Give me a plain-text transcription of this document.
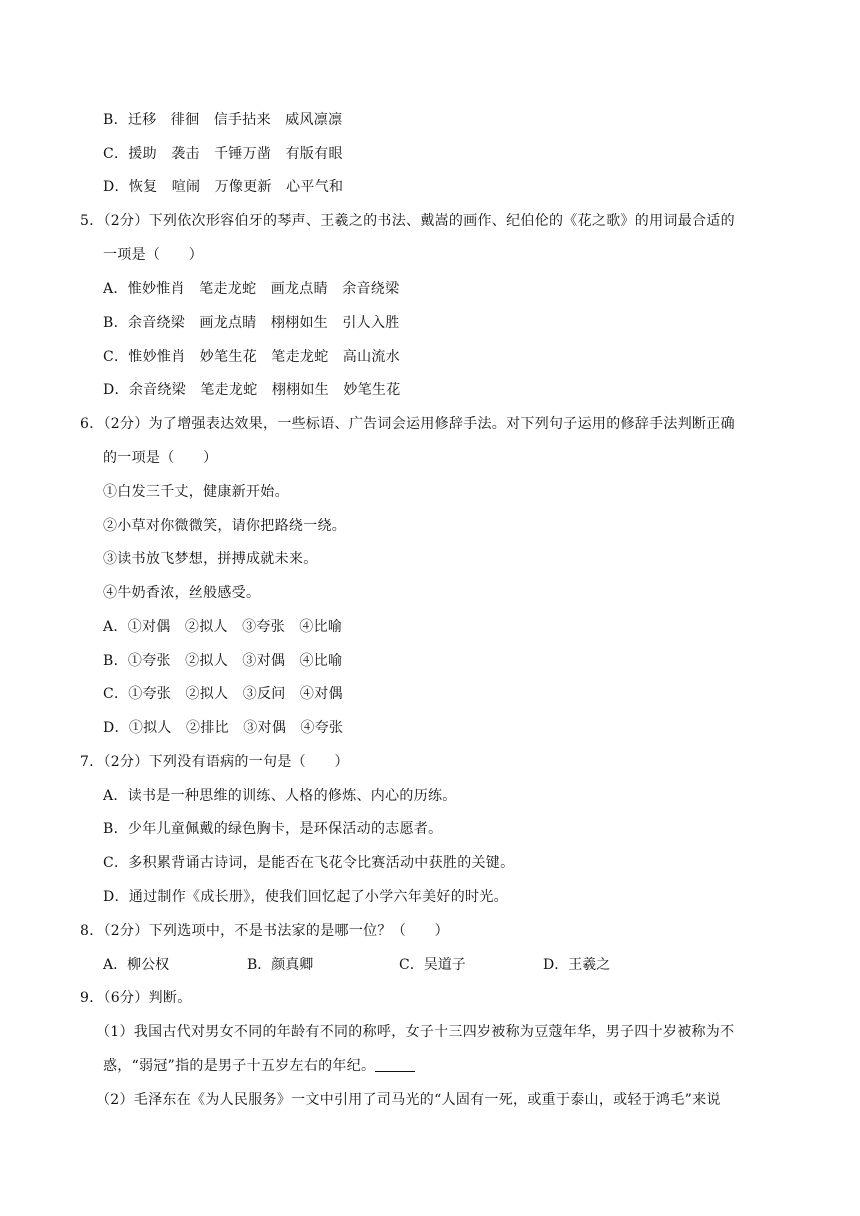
B．迁移　徘徊　信手拈来　威风凛凛
C．援助　袭击　千锤万凿　有版有眼
D．恢复　喧闹　万像更新　心平气和
5．（2分）下列依次形容伯牙的琴声、王羲之的书法、戴嵩的画作、纪伯伦的《花之歌》的用词最合适的
一项是（　　）
A．惟妙惟肖　笔走龙蛇　画龙点睛　余音绕梁
B．余音绕梁　画龙点睛　栩栩如生　引人入胜
C．惟妙惟肖　妙笔生花　笔走龙蛇　高山流水
D．余音绕梁　笔走龙蛇　栩栩如生　妙笔生花
6．（2分）为了增强表达效果，一些标语、广告词会运用修辞手法。对下列句子运用的修辞手法判断正确
的一项是（　　）
①白发三千丈，健康新开始。
②小草对你微微笑，请你把路绕一绕。
③读书放飞梦想，拼搏成就未来。
④牛奶香浓，丝般感受。
A．①对偶　②拟人　③夸张　④比喻
B．①夸张　②拟人　③对偶　④比喻
C．①夸张　②拟人　③反问　④对偶
D．①拟人　②排比　③对偶　④夸张
7．（2分）下列没有语病的一句是（　　）
A．读书是一种思维的训练、人格的修炼、内心的历练。
B．少年儿童佩戴的绿色胸卡，是环保活动的志愿者。
C．多积累背诵古诗词，是能否在飞花令比赛活动中获胜的关键。
D．通过制作《成长册》，使我们回忆起了小学六年美好的时光。
8．（2分）下列选项中，不是书法家的是哪一位？（　　）
A．柳公权	B．颜真卿	C．吴道子	D．王羲之
9．（6分）判断。
（1）我国古代对男女不同的年龄有不同的称呼，女子十三四岁被称为豆蔻年华，男子四十岁被称为不
惑，“弱冠”指的是男子十五岁左右的年纪。
（2）毛泽东在《为人民服务》一文中引用了司马光的“人固有一死，或重于泰山，或轻于鸿毛”来说
